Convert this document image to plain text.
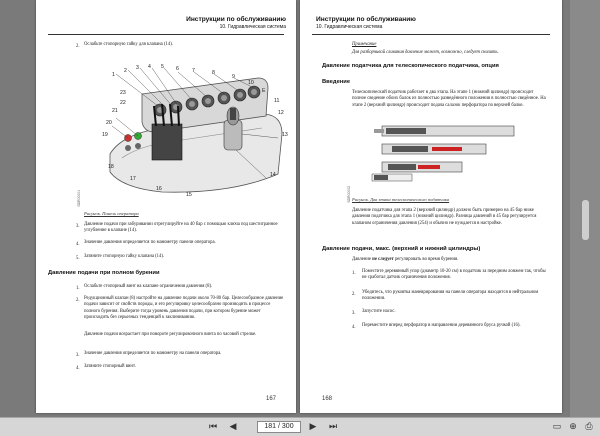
Инструкции по обслуживанию
10. Гидравлическая система
2. Ослабьте стопорную гайку для клапана (14).
1
2 3 4 5 6	7	8
9
10
E
11
12
13
14
15
16
17
18
19
20
21
22
23
SDR00001
Рисунок. Панель оператора
3. Давление подачи при забуривании отрегулируйте на 40 бар с помощью ключа под шестигранное углубление в клапане (14).
4. Значение давления определяется по манометру панели оператора.
5. Затяните стопорную гайку клапана (14).
Давление подачи при полном бурении
1. Ослабьте стопорный винт на клапане ограничения давления (8).
2. Редукционный клапан (8) настройте на давление подачи около 70-80 бар. Целесообразное давление подачи зависит от свойств породы, и его регулировку целесообразно производить в процессе полного бурения. Выберите тогда уровень давления подачи, при котором бурение может происходить без серьезных тенденций к заклиниванию.
Давление подачи возрастает при повороте регулировочного винта по часовой стрелке.
3. Значение давления определяется по манометру на панели оператора.
4. Затяните стопорный винт.
167
Инструкции по обслуживанию
10. Гидравлическая система
Примечание
Для разборчивой сливания давление может, возможно, следует снизить.
Давление податчика для телескопического податчика, опция
Введение
Телескопический податчик работает в два этапа. На этапе 1 (нижний цилиндр) происходит полное сведение обоих балок из полностью разведённого положения в полностью сведённое. На этапе 2 (верхний цилиндр) происходит подача салазок перфоратора по верхней балке.
SDR00002 Рисунок. Два этапа телескопического податчика
Давление податчика для этапа 2 (верхний цилиндр) должно быть примерно на 45 бар ниже давления податчика для этапа 1 (нижний цилиндр). Разница давлений в 45 бар регулируется клапаном ограничения давления (254) и обычно не нуждается в настройке.
Давление подачи, макс. (верхний и нижний цилиндры)
Давление не следует регулировать во время бурения.
1. Поместите деревянный упор (диаметр 10-20 см) в податчик за передним лонжем так, чтобы не сработал датчик ограничения положения.
2. Убедитесь, что рукоятка маневрирования на панели оператора находится в нейтральном положении.
3. Запустите насос.
4. Переместите вперед перфоратор в направлении деревянного бруса ручкой (16).
168
⏮	◀	181 / 300	▶	⏭	▭ ⊕ ⎙
